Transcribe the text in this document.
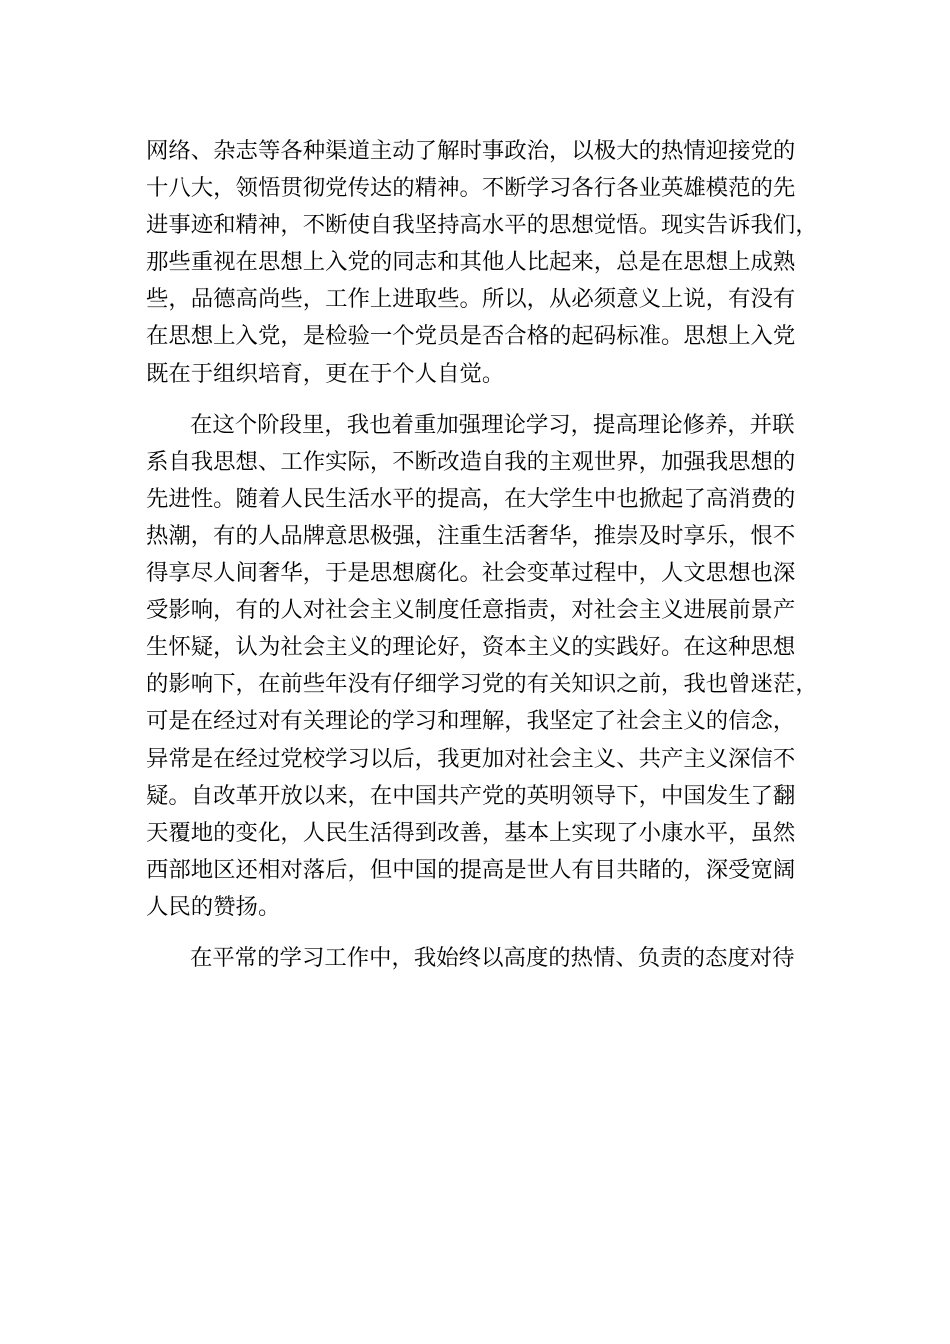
网络、杂志等各种渠道主动了解时事政治，以极大的热情迎接党的
十八大，领悟贯彻党传达的精神。不断学习各行各业英雄模范的先
进事迹和精神，不断使自我坚持高水平的思想觉悟。现实告诉我们，
那些重视在思想上入党的同志和其他人比起来，总是在思想上成熟
些，品德高尚些，工作上进取些。所以，从必须意义上说，有没有
在思想上入党，是检验一个党员是否合格的起码标准。思想上入党
既在于组织培育，更在于个人自觉。
在这个阶段里，我也着重加强理论学习，提高理论修养，并联
系自我思想、工作实际，不断改造自我的主观世界，加强我思想的
先进性。随着人民生活水平的提高，在大学生中也掀起了高消费的
热潮，有的人品牌意思极强，注重生活奢华，推崇及时享乐，恨不
得享尽人间奢华，于是思想腐化。社会变革过程中，人文思想也深
受影响，有的人对社会主义制度任意指责，对社会主义进展前景产
生怀疑，认为社会主义的理论好，资本主义的实践好。在这种思想
的影响下，在前些年没有仔细学习党的有关知识之前，我也曾迷茫，
可是在经过对有关理论的学习和理解，我坚定了社会主义的信念，
异常是在经过党校学习以后，我更加对社会主义、共产主义深信不
疑。自改革开放以来，在中国共产党的英明领导下，中国发生了翻
天覆地的变化，人民生活得到改善，基本上实现了小康水平，虽然
西部地区还相对落后，但中国的提高是世人有目共睹的，深受宽阔
人民的赞扬。
在平常的学习工作中，我始终以高度的热情、负责的态度对待
